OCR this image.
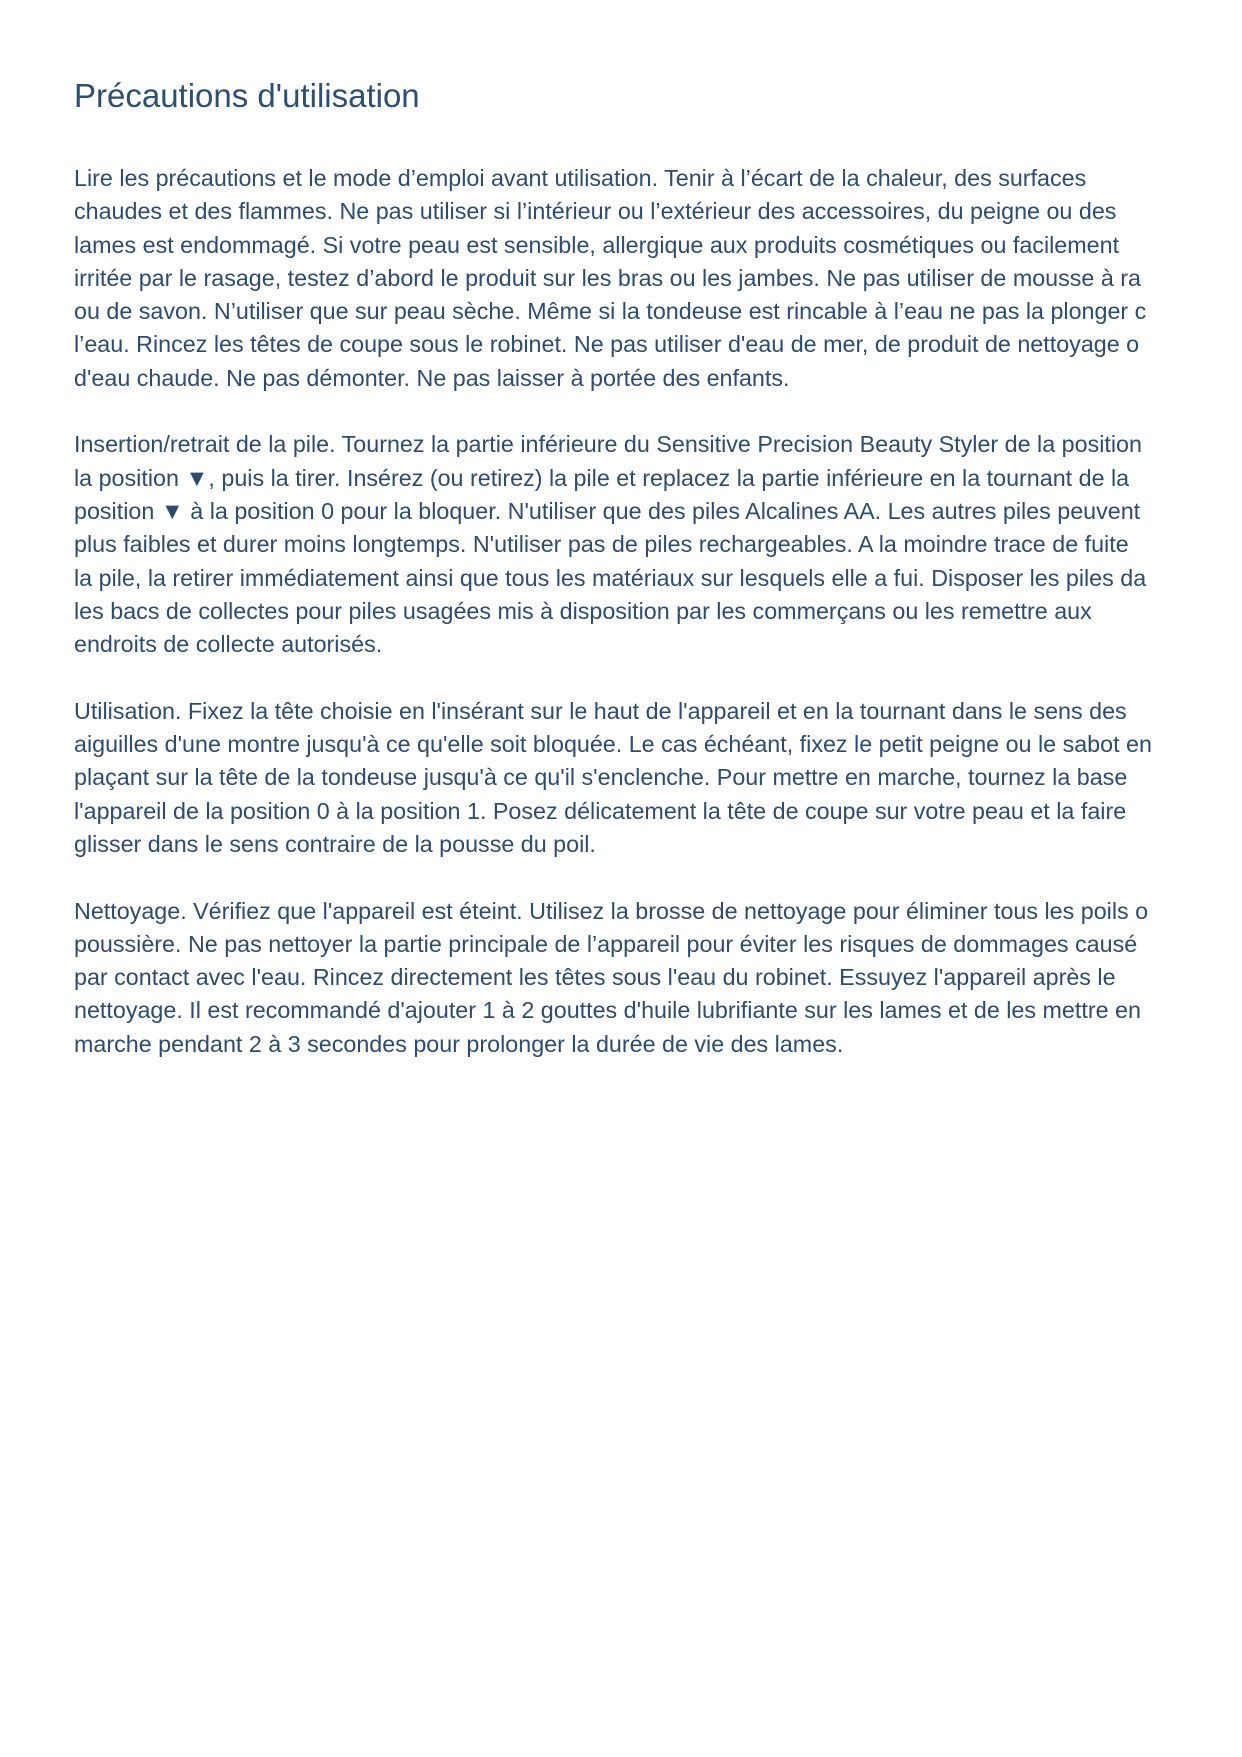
Précautions d'utilisation
Lire les précautions et le mode d’emploi avant utilisation. Tenir à l’écart de la chaleur, des surfaces
chaudes et des flammes. Ne pas utiliser si l’intérieur ou l’extérieur des accessoires, du peigne ou des
lames est endommagé. Si votre peau est sensible, allergique aux produits cosmétiques ou facilement
irritée par le rasage, testez d’abord le produit sur les bras ou les jambes. Ne pas utiliser de mousse à ra
ou de savon. N’utiliser que sur peau sèche. Même si la tondeuse est rincable à l’eau ne pas la plonger c
l’eau. Rincez les têtes de coupe sous le robinet. Ne pas utiliser d'eau de mer, de produit de nettoyage o
d'eau chaude. Ne pas démonter. Ne pas laisser à portée des enfants.
Insertion/retrait de la pile. Tournez la partie inférieure du Sensitive Precision Beauty Styler de la position
la position ▼, puis la tirer. Insérez (ou retirez) la pile et replacez la partie inférieure en la tournant de la
position ▼ à la position 0 pour la bloquer. N'utiliser que des piles Alcalines AA. Les autres piles peuvent
plus faibles et durer moins longtemps. N'utiliser pas de piles rechargeables. A la moindre trace de fuite
la pile, la retirer immédiatement ainsi que tous les matériaux sur lesquels elle a fui. Disposer les piles da
les bacs de collectes pour piles usagées mis à disposition par les commerçans ou les remettre aux
endroits de collecte autorisés.
Utilisation. Fixez la tête choisie en l'insérant sur le haut de l'appareil et en la tournant dans le sens des
aiguilles d'une montre jusqu'à ce qu'elle soit bloquée. Le cas échéant, fixez le petit peigne ou le sabot en
plaçant sur la tête de la tondeuse jusqu'à ce qu'il s'enclenche. Pour mettre en marche, tournez la base
l'appareil de la position 0 à la position 1. Posez délicatement la tête de coupe sur votre peau et la faire
glisser dans le sens contraire de la pousse du poil.
Nettoyage. Vérifiez que l'appareil est éteint. Utilisez la brosse de nettoyage pour éliminer tous les poils o
poussière. Ne pas nettoyer la partie principale de l’appareil pour éviter les risques de dommages causé
par contact avec l'eau. Rincez directement les têtes sous l'eau du robinet. Essuyez l'appareil après le
nettoyage. Il est recommandé d'ajouter 1 à 2 gouttes d'huile lubrifiante sur les lames et de les mettre en
marche pendant 2 à 3 secondes pour prolonger la durée de vie des lames.
